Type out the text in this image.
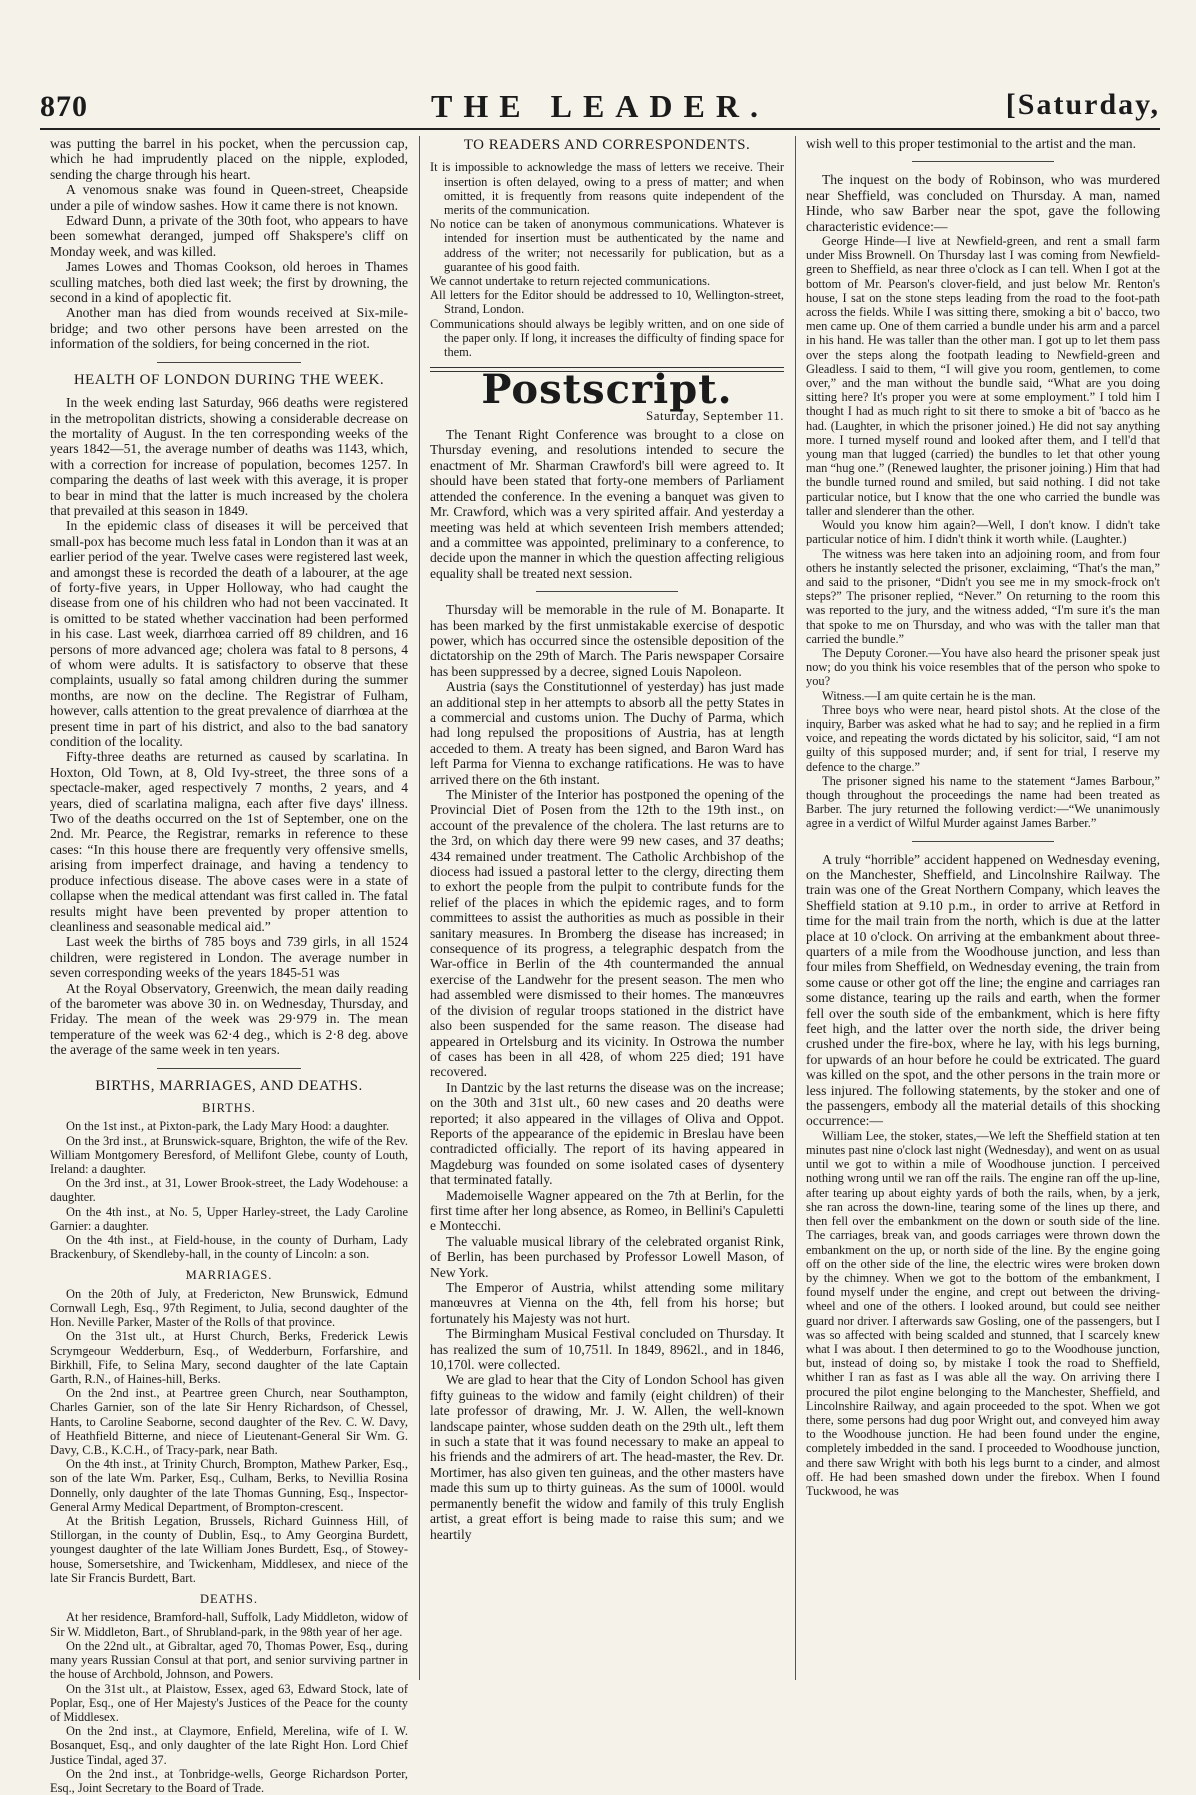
870	THE LEADER.	[Saturday,

was putting the barrel in his pocket, when the percussion cap, which he had imprudently placed on the nipple, exploded, sending the charge through his heart.

A venomous snake was found in Queen-street, Cheapside under a pile of window sashes. How it came there is not known.

Edward Dunn, a private of the 30th foot, who appears to have been somewhat deranged, jumped off Shakspere's cliff on Monday week, and was killed.

James Lowes and Thomas Cookson, old heroes in Thames sculling matches, both died last week; the first by drowning, the second in a kind of apoplectic fit.

Another man has died from wounds received at Six-mile-bridge; and two other persons have been arrested on the information of the soldiers, for being concerned in the riot.

HEALTH OF LONDON DURING THE WEEK.

In the week ending last Saturday, 966 deaths were registered in the metropolitan districts, showing a considerable decrease on the mortality of August. In the ten corresponding weeks of the years 1842—51, the average number of deaths was 1143, which, with a correction for increase of population, becomes 1257. In comparing the deaths of last week with this average, it is proper to bear in mind that the latter is much increased by the cholera that prevailed at this season in 1849.

In the epidemic class of diseases it will be perceived that small-pox has become much less fatal in London than it was at an earlier period of the year. Twelve cases were registered last week, and amongst these is recorded the death of a labourer, at the age of forty-five years, in Upper Holloway, who had caught the disease from one of his children who had not been vaccinated. It is omitted to be stated whether vaccination had been performed in his case. Last week, diarrhœa carried off 89 children, and 16 persons of more advanced age; cholera was fatal to 8 persons, 4 of whom were adults. It is satisfactory to observe that these complaints, usually so fatal among children during the summer months, are now on the decline. The Registrar of Fulham, however, calls attention to the great prevalence of diarrhœa at the present time in part of his district, and also to the bad sanatory condition of the locality.

Fifty-three deaths are returned as caused by scarlatina. In Hoxton, Old Town, at 8, Old Ivy-street, the three sons of a spectacle-maker, aged respectively 7 months, 2 years, and 4 years, died of scarlatina maligna, each after five days' illness. Two of the deaths occurred on the 1st of September, one on the 2nd. Mr. Pearce, the Registrar, remarks in reference to these cases: “In this house there are frequently very offensive smells, arising from imperfect drainage, and having a tendency to produce infectious disease. The above cases were in a state of collapse when the medical attendant was first called in. The fatal results might have been prevented by proper attention to cleanliness and seasonable medical aid.”

Last week the births of 785 boys and 739 girls, in all 1524 children, were registered in London. The average number in seven corresponding weeks of the years 1845-51 was

At the Royal Observatory, Greenwich, the mean daily reading of the barometer was above 30 in. on Wednesday, Thursday, and Friday. The mean of the week was 29·979 in. The mean temperature of the week was 62·4 deg., which is 2·8 deg. above the average of the same week in ten years.

BIRTHS, MARRIAGES, AND DEATHS.
BIRTHS.

On the 1st inst., at Pixton-park, the Lady Mary Hood: a daughter.

On the 3rd inst., at Brunswick-square, Brighton, the wife of the Rev. William Montgomery Beresford, of Mellifont Glebe, county of Louth, Ireland: a daughter.

On the 3rd inst., at 31, Lower Brook-street, the Lady Wodehouse: a daughter.

On the 4th inst., at No. 5, Upper Harley-street, the Lady Caroline Garnier: a daughter.

On the 4th inst., at Field-house, in the county of Durham, Lady Brackenbury, of Skendleby-hall, in the county of Lincoln: a son.

MARRIAGES.

On the 20th of July, at Fredericton, New Brunswick, Edmund Cornwall Legh, Esq., 97th Regiment, to Julia, second daughter of the Hon. Neville Parker, Master of the Rolls of that province.

On the 31st ult., at Hurst Church, Berks, Frederick Lewis Scrymgeour Wedderburn, Esq., of Wedderburn, Forfarshire, and Birkhill, Fife, to Selina Mary, second daughter of the late Captain Garth, R.N., of Haines-hill, Berks.

On the 2nd inst., at Peartree green Church, near Southampton, Charles Garnier, son of the late Sir Henry Richardson, of Chessel, Hants, to Caroline Seaborne, second daughter of the Rev. C. W. Davy, of Heathfield Bitterne, and niece of Lieutenant-General Sir Wm. G. Davy, C.B., K.C.H., of Tracy-park, near Bath.

On the 4th inst., at Trinity Church, Brompton, Mathew Parker, Esq., son of the late Wm. Parker, Esq., Culham, Berks, to Nevillia Rosina Donnelly, only daughter of the late Thomas Gunning, Esq., Inspector-General Army Medical Department, of Brompton-crescent.

At the British Legation, Brussels, Richard Guinness Hill, of Stillorgan, in the county of Dublin, Esq., to Amy Georgina Burdett, youngest daughter of the late William Jones Burdett, Esq., of Stowey-house, Somersetshire, and Twickenham, Middlesex, and niece of the late Sir Francis Burdett, Bart.

DEATHS.

At her residence, Bramford-hall, Suffolk, Lady Middleton, widow of Sir W. Middleton, Bart., of Shrubland-park, in the 98th year of her age.

On the 22nd ult., at Gibraltar, aged 70, Thomas Power, Esq., during many years Russian Consul at that port, and senior surviving partner in the house of Archbold, Johnson, and Powers.

On the 31st ult., at Plaistow, Essex, aged 63, Edward Stock, late of Poplar, Esq., one of Her Majesty's Justices of the Peace for the county of Middlesex.

On the 2nd inst., at Claymore, Enfield, Merelina, wife of I. W. Bosanquet, Esq., and only daughter of the late Right Hon. Lord Chief Justice Tindal, aged 37.

On the 2nd inst., at Tonbridge-wells, George Richardson Porter, Esq., Joint Secretary to the Board of Trade.

TO READERS AND CORRESPONDENTS.

It is impossible to acknowledge the mass of letters we receive. Their insertion is often delayed, owing to a press of matter; and when omitted, it is frequently from reasons quite independent of the merits of the communication.

No notice can be taken of anonymous communications. Whatever is intended for insertion must be authenticated by the name and address of the writer; not necessarily for publication, but as a guarantee of his good faith.

We cannot undertake to return rejected communications.

All letters for the Editor should be addressed to 10, Wellington-street, Strand, London.

Communications should always be legibly written, and on one side of the paper only. If long, it increases the difficulty of finding space for them.

Postscript.
Saturday, September 11.

The Tenant Right Conference was brought to a close on Thursday evening, and resolutions intended to secure the enactment of Mr. Sharman Crawford's bill were agreed to. It should have been stated that forty-one members of Parliament attended the conference. In the evening a banquet was given to Mr. Crawford, which was a very spirited affair. And yesterday a meeting was held at which seventeen Irish members attended; and a committee was appointed, preliminary to a conference, to decide upon the manner in which the question affecting religious equality shall be treated next session.

Thursday will be memorable in the rule of M. Bonaparte. It has been marked by the first unmistakable exercise of despotic power, which has occurred since the ostensible deposition of the dictatorship on the 29th of March. The Paris newspaper Corsaire has been suppressed by a decree, signed Louis Napoleon.

Austria (says the Constitutionnel of yesterday) has just made an additional step in her attempts to absorb all the petty States in a commercial and customs union. The Duchy of Parma, which had long repulsed the propositions of Austria, has at length acceded to them. A treaty has been signed, and Baron Ward has left Parma for Vienna to exchange ratifications. He was to have arrived there on the 6th instant.

The Minister of the Interior has postponed the opening of the Provincial Diet of Posen from the 12th to the 19th inst., on account of the prevalence of the cholera. The last returns are to the 3rd, on which day there were 99 new cases, and 37 deaths; 434 remained under treatment. The Catholic Archbishop of the diocess had issued a pastoral letter to the clergy, directing them to exhort the people from the pulpit to contribute funds for the relief of the places in which the epidemic rages, and to form committees to assist the authorities as much as possible in their sanitary measures. In Bromberg the disease has increased; in consequence of its progress, a telegraphic despatch from the War-office in Berlin of the 4th countermanded the annual exercise of the Landwehr for the present season. The men who had assembled were dismissed to their homes. The manœuvres of the division of regular troops stationed in the district have also been suspended for the same reason. The disease had appeared in Ortelsburg and its vicinity. In Ostrowa the number of cases has been in all 428, of whom 225 died; 191 have recovered.

In Dantzic by the last returns the disease was on the increase; on the 30th and 31st ult., 60 new cases and 20 deaths were reported; it also appeared in the villages of Oliva and Oppot. Reports of the appearance of the epidemic in Breslau have been contradicted officially. The report of its having appeared in Magdeburg was founded on some isolated cases of dysentery that terminated fatally.

Mademoiselle Wagner appeared on the 7th at Berlin, for the first time after her long absence, as Romeo, in Bellini's Capuletti e Montecchi.

The valuable musical library of the celebrated organist Rink, of Berlin, has been purchased by Professor Lowell Mason, of New York.

The Emperor of Austria, whilst attending some military manœuvres at Vienna on the 4th, fell from his horse; but fortunately his Majesty was not hurt.

The Birmingham Musical Festival concluded on Thursday. It has realized the sum of 10,751l. In 1849, 8962l., and in 1846, 10,170l. were collected.

We are glad to hear that the City of London School has given fifty guineas to the widow and family (eight children) of their late professor of drawing, Mr. J. W. Allen, the well-known landscape painter, whose sudden death on the 29th ult., left them in such a state that it was found necessary to make an appeal to his friends and the admirers of art. The head-master, the Rev. Dr. Mortimer, has also given ten guineas, and the other masters have made this sum up to thirty guineas. As the sum of 1000l. would permanently benefit the widow and family of this truly English artist, a great effort is being made to raise this sum; and we heartily

wish well to this proper testimonial to the artist and the man.

The inquest on the body of Robinson, who was murdered near Sheffield, was concluded on Thursday. A man, named Hinde, who saw Barber near the spot, gave the following characteristic evidence:—

George Hinde—I live at Newfield-green, and rent a small farm under Miss Brownell. On Thursday last I was coming from Newfield-green to Sheffield, as near three o'clock as I can tell. When I got at the bottom of Mr. Pearson's clover-field, and just below Mr. Renton's house, I sat on the stone steps leading from the road to the foot-path across the fields. While I was sitting there, smoking a bit o' bacco, two men came up. One of them carried a bundle under his arm and a parcel in his hand. He was taller than the other man. I got up to let them pass over the steps along the footpath leading to Newfield-green and Gleadless. I said to them, “I will give you room, gentlemen, to come over,” and the man without the bundle said, “What are you doing sitting here? It's proper you were at some employment.” I told him I thought I had as much right to sit there to smoke a bit of 'bacco as he had. (Laughter, in which the prisoner joined.) He did not say anything more. I turned myself round and looked after them, and I tell'd that young man that lugged (carried) the bundles to let that other young man “hug one.” (Renewed laughter, the prisoner joining.) Him that had the bundle turned round and smiled, but said nothing. I did not take particular notice, but I know that the one who carried the bundle was taller and slenderer than the other.

Would you know him again?—Well, I don't know. I didn't take particular notice of him. I didn't think it worth while. (Laughter.)

The witness was here taken into an adjoining room, and from four others he instantly selected the prisoner, exclaiming, “That's the man,” and said to the prisoner, “Didn't you see me in my smock-frock on't steps?” The prisoner replied, “Never.” On returning to the room this was reported to the jury, and the witness added, “I'm sure it's the man that spoke to me on Thursday, and who was with the taller man that carried the bundle.”

The Deputy Coroner.—You have also heard the prisoner speak just now; do you think his voice resembles that of the person who spoke to you?

Witness.—I am quite certain he is the man.

Three boys who were near, heard pistol shots. At the close of the inquiry, Barber was asked what he had to say; and he replied in a firm voice, and repeating the words dictated by his solicitor, said, “I am not guilty of this supposed murder; and, if sent for trial, I reserve my defence to the charge.”

The prisoner signed his name to the statement “James Barbour,” though throughout the proceedings the name had been treated as Barber. The jury returned the following verdict:—“We unanimously agree in a verdict of Wilful Murder against James Barber.”

A truly “horrible” accident happened on Wednesday evening, on the Manchester, Sheffield, and Lincolnshire Railway. The train was one of the Great Northern Company, which leaves the Sheffield station at 9.10 p.m., in order to arrive at Retford in time for the mail train from the north, which is due at the latter place at 10 o'clock. On arriving at the embankment about three-quarters of a mile from the Woodhouse junction, and less than four miles from Sheffield, on Wednesday evening, the train from some cause or other got off the line; the engine and carriages ran some distance, tearing up the rails and earth, when the former fell over the south side of the embankment, which is here fifty feet high, and the latter over the north side, the driver being crushed under the fire-box, where he lay, with his legs burning, for upwards of an hour before he could be extricated. The guard was killed on the spot, and the other persons in the train more or less injured. The following statements, by the stoker and one of the passengers, embody all the material details of this shocking occurrence:—

William Lee, the stoker, states,—We left the Sheffield station at ten minutes past nine o'clock last night (Wednesday), and went on as usual until we got to within a mile of Woodhouse junction. I perceived nothing wrong until we ran off the rails. The engine ran off the up-line, after tearing up about eighty yards of both the rails, when, by a jerk, she ran across the down-line, tearing some of the lines up there, and then fell over the embankment on the down or south side of the line. The carriages, break van, and goods carriages were thrown down the embankment on the up, or north side of the line. By the engine going off on the other side of the line, the electric wires were broken down by the chimney. When we got to the bottom of the embankment, I found myself under the engine, and crept out between the driving-wheel and one of the others. I looked around, but could see neither guard nor driver. I afterwards saw Gosling, one of the passengers, but I was so affected with being scalded and stunned, that I scarcely knew what I was about. I then determined to go to the Woodhouse junction, but, instead of doing so, by mistake I took the road to Sheffield, whither I ran as fast as I was able all the way. On arriving there I procured the pilot engine belonging to the Manchester, Sheffield, and Lincolnshire Railway, and again proceeded to the spot. When we got there, some persons had dug poor Wright out, and conveyed him away to the Woodhouse junction. He had been found under the engine, completely imbedded in the sand. I proceeded to Woodhouse junction, and there saw Wright with both his legs burnt to a cinder, and almost off. He had been smashed down under the firebox. When I found Tuckwood, he was
